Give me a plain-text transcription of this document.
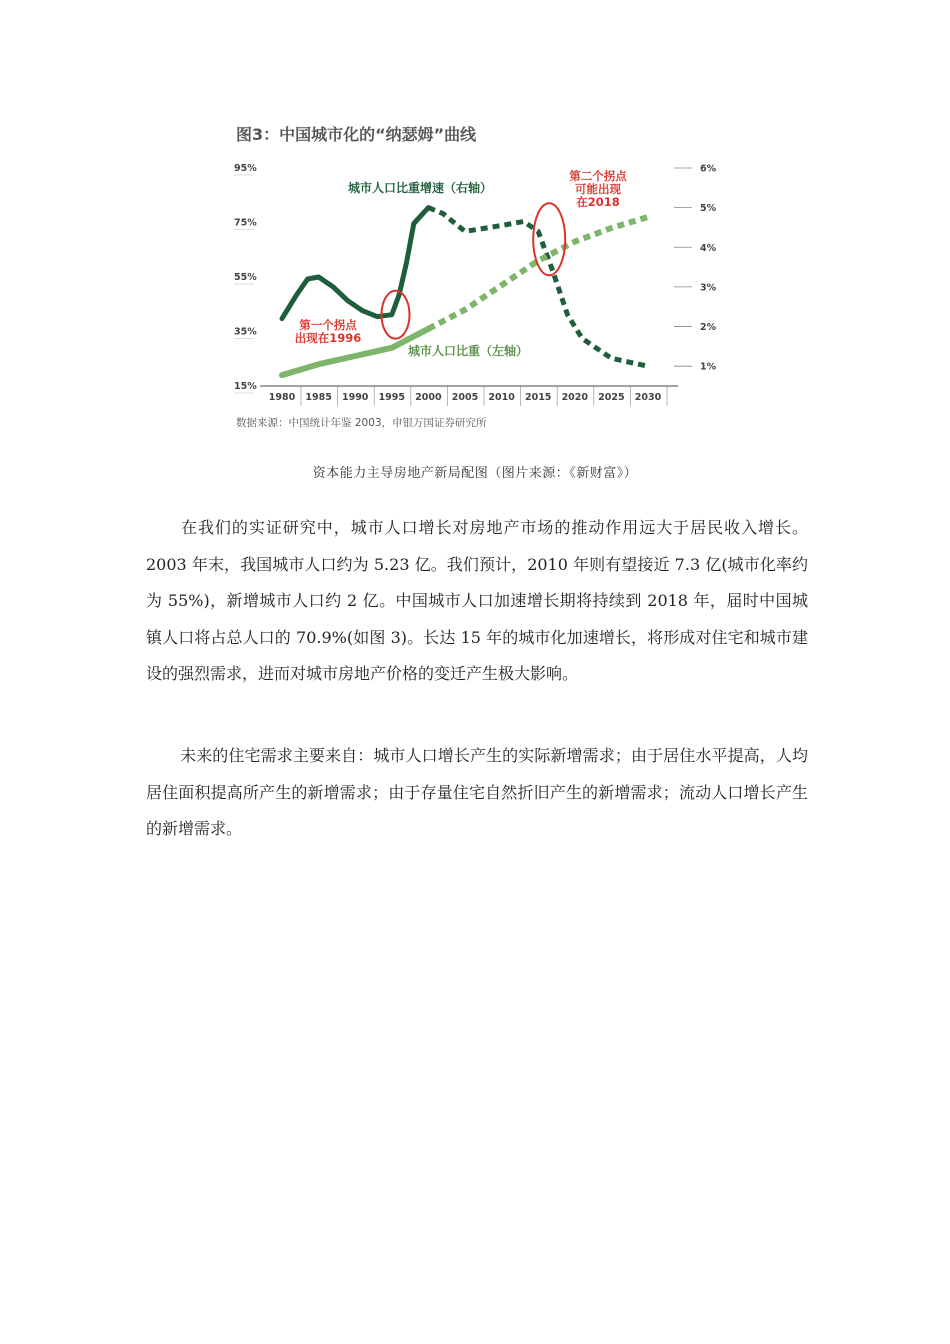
图3：中国城市化的“纳瑟姆”曲线
1980 1985 1990 1995 2000 2005 2010 2015 2020 2025 2030
95%
75%
55%
35%
15%
6%
5%
4%
3%
2%
1%
第一个拐点
出现在1996
第二个拐点
可能出现
在2018
城市人口比重增速（右轴）
城市人口比重（左轴）
数据来源：中国统计年鉴 2003，申银万国证券研究所
资本能力主导房地产新局配图（图片来源：《新财富》）

在我们的实证研究中，城市人口增长对房地产市场的推动作用远大于居民收入增长。2003 年末，我国城市人口约为 5.23 亿。我们预计，2010 年则有望接近 7.3 亿(城市化率约为 55%)，新增城市人口约 2 亿。中国城市人口加速增长期将持续到 2018 年，届时中国城镇人口将占总人口的 70.9%(如图 3)。长达 15 年的城市化加速增长，将形成对住宅和城市建设的强烈需求，进而对城市房地产价格的变迁产生极大影响。

未来的住宅需求主要来自：城市人口增长产生的实际新增需求；由于居住水平提高，人均居住面积提高所产生的新增需求；由于存量住宅自然折旧产生的新增需求；流动人口增长产生的新增需求。
